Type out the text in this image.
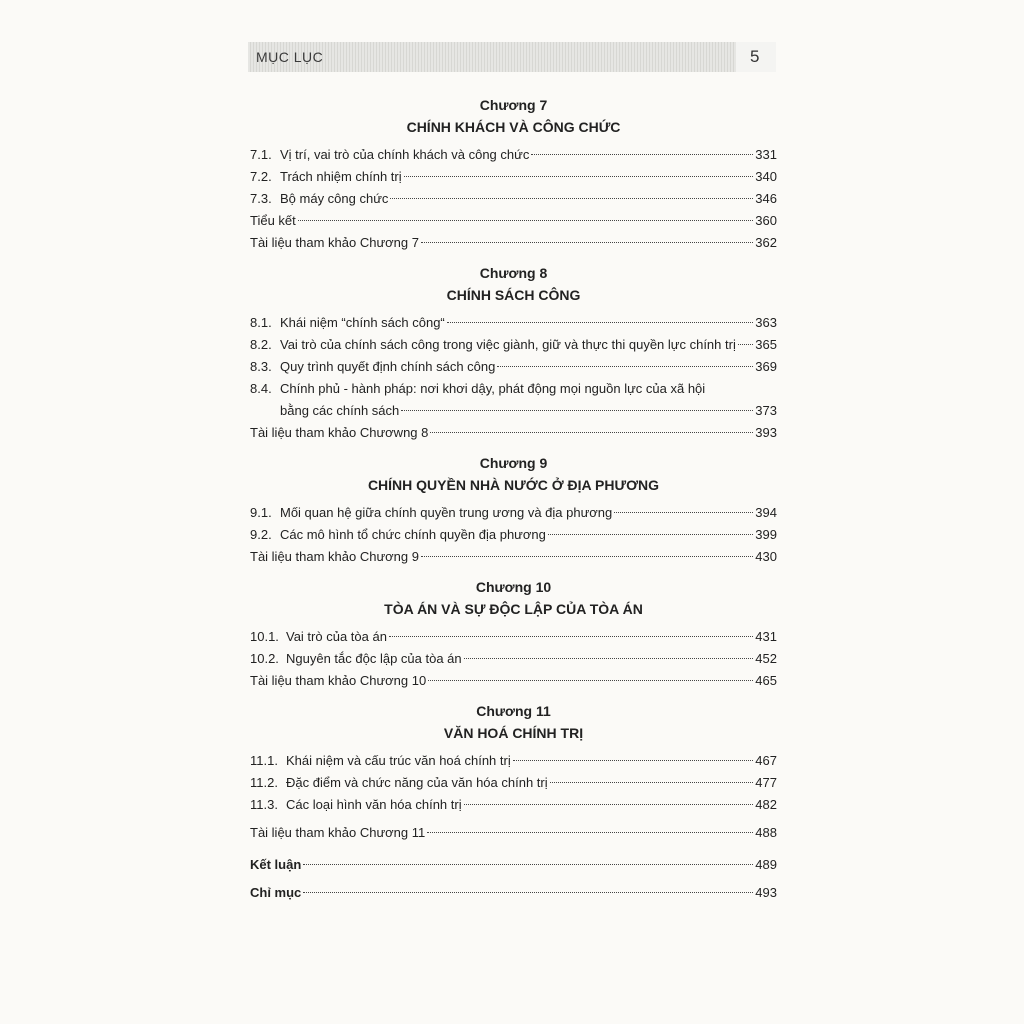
MỤC LỤC	5
Chương 7
CHÍNH KHÁCH VÀ CÔNG CHỨC
7.1. Vị trí, vai trò của chính khách và công chức	331
7.2. Trách nhiệm chính trị	340
7.3. Bộ máy công chức	346
Tiểu kết	360
Tài liệu tham khảo Chương 7	362
Chương 8
CHÍNH SÁCH CÔNG
8.1. Khái niệm “chính sách công“	363
8.2. Vai trò của chính sách công trong việc giành, giữ và thực thi quyền lực chính trị 365
8.3. Quy trình quyết định chính sách công	369
8.4. Chính phủ - hành pháp: nơi khơi dậy, phát động mọi nguồn lực của xã hội
bằng các chính sách	373
Tài liệu tham khảo Chươwng 8	393
Chương 9
CHÍNH QUYỀN NHÀ NƯỚC Ở ĐỊA PHƯƠNG
9.1. Mối quan hệ giữa chính quyền trung ương và địa phương	394
9.2. Các mô hình tổ chức chính quyền địa phương	399
Tài liệu tham khảo Chương 9	430
Chương 10
TÒA ÁN VÀ SỰ ĐỘC LẬP CỦA TÒA ÁN
10.1. Vai trò của tòa án	431
10.2. Nguyên tắc độc lập của tòa án	452
Tài liệu tham khảo Chương 10	465
Chương 11
VĂN HOÁ CHÍNH TRỊ
11.1. Khái niệm và cấu trúc văn hoá chính trị	467
11.2. Đặc điểm và chức năng của văn hóa chính trị	477
11.3. Các loại hình văn hóa chính trị	482
Tài liệu tham khảo Chương 11	488
Kết luận	489
Chỉ mục	493
